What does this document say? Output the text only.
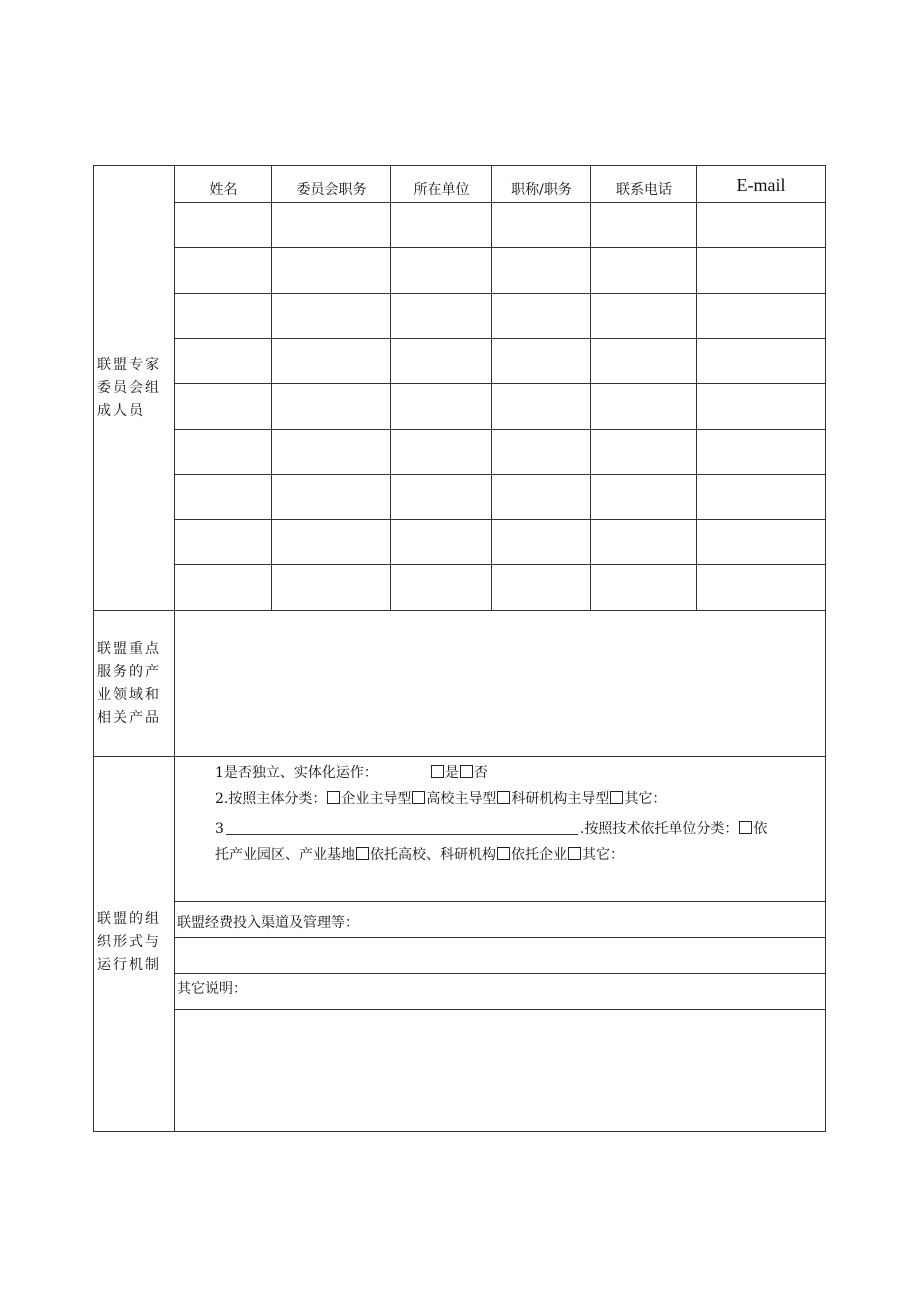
联盟专家
委员会组
成人员
姓名	委员会职务	所在单位	职称/职务	联系电话	E-mail
联盟重点
服务的产
业领域和
相关产品
联盟的组
织形式与
运行机制
1是否独立、实体化运作：	是 否
2.按照主体分类： 企业主导型 高校主导型 科研机构主导型 其它：
3	.按照技术依托单位分类： 依
托产业园区、产业基地 依托高校、科研机构 依托企业 其它：
联盟经费投入渠道及管理等：
其它说明：
